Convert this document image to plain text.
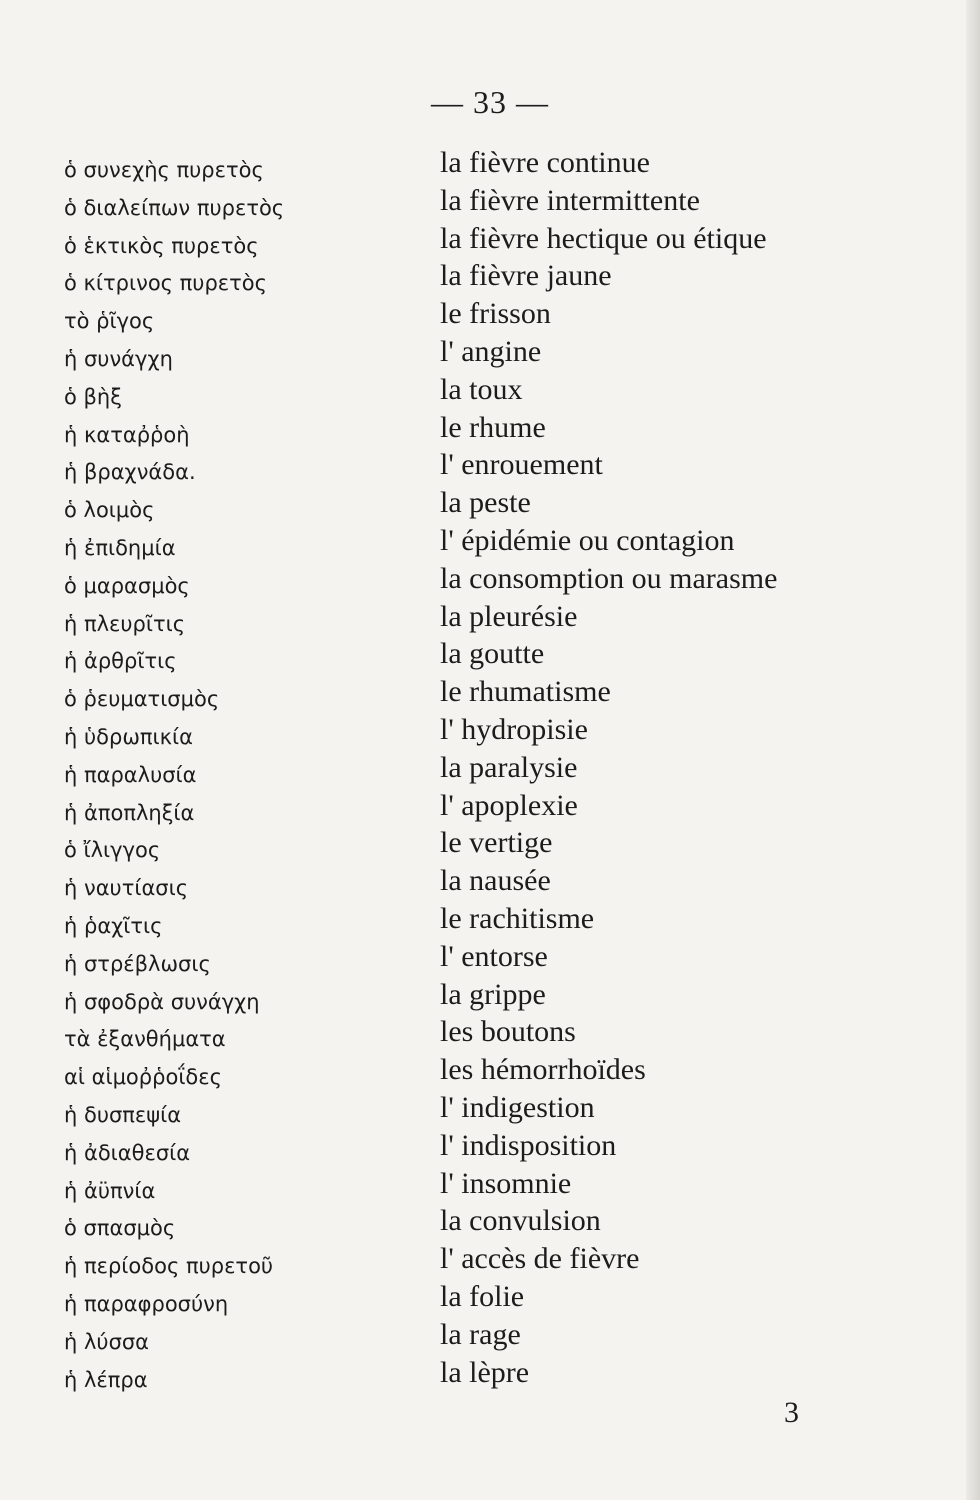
— 33 —
ὁ συνεχὴς πυρετὸς
ὁ διαλείπων πυρετὸς
ὁ ἑκτικὸς πυρετὸς
ὁ κίτρινος πυρετὸς
τὸ ῥῖγος
ἡ συνάγχη
ὁ βὴξ
ἡ καταῤῥοὴ
ἡ βραχνάδα.
ὁ λοιμὸς
ἡ ἐπιδημία
ὁ μαρασμὸς
ἡ πλευρῖτις
ἡ ἀρθρῖτις
ὁ ῥευματισμὸς
ἡ ὑδρωπικία
ἡ παραλυσία
ἡ ἀποπληξία
ὁ ἴλιγγος
ἡ ναυτίασις
ἡ ῥαχῖτις
ἡ στρέβλωσις
ἡ σφοδρὰ συνάγχη
τὰ ἐξανθήματα
αἱ αἱμοῤῥοΐδες
ἡ δυσπεψία
ἡ ἀδιαθεσία
ἡ ἀϋπνία
ὁ σπασμὸς
ἡ περίοδος πυρετοῦ
ἡ παραφροσύνη
ἡ λύσσα
ἡ λέπρα
la fièvre continue
la fièvre intermittente
la fièvre hectique ou étique
la fièvre jaune
le frisson
l' angine
la toux
le rhume
l' enrouement
la peste
l' épidémie ou contagion
la consomption ou marasme
la pleurésie
la goutte
le rhumatisme
l' hydropisie
la paralysie
l' apoplexie
le vertige
la nausée
le rachitisme
l' entorse
la grippe
les boutons
les hémorrhoïdes
l' indigestion
l' indisposition
l' insomnie
la convulsion
l' accès de fièvre
la folie
la rage
la lèpre
3
